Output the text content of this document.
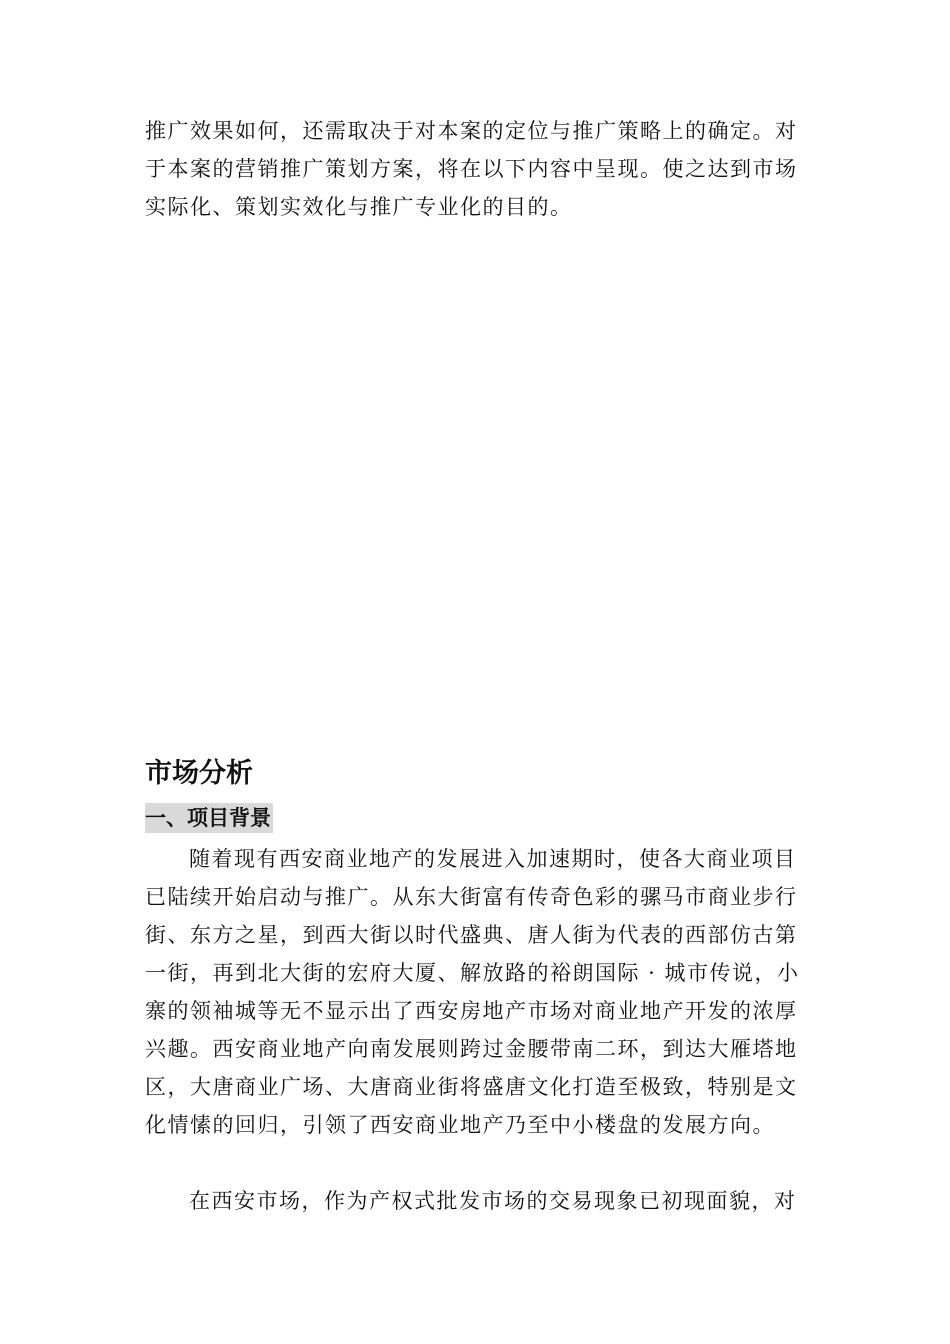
推广效果如何，还需取决于对本案的定位与推广策略上的确定。对
于本案的营销推广策划方案，将在以下内容中呈现。使之达到市场
实际化、策划实效化与推广专业化的目的。

市场分析
一、项目背景

随着现有西安商业地产的发展进入加速期时，使各大商业项目
已陆续开始启动与推广。从东大街富有传奇色彩的骡马市商业步行
街、东方之星，到西大街以时代盛典、唐人街为代表的西部仿古第
一街，再到北大街的宏府大厦、解放路的裕朗国际 · 城市传说，小
寨的领袖城等无不显示出了西安房地产市场对商业地产开发的浓厚
兴趣。西安商业地产向南发展则跨过金腰带南二环，到达大雁塔地
区，大唐商业广场、大唐商业街将盛唐文化打造至极致，特别是文
化情愫的回归，引领了西安商业地产乃至中小楼盘的发展方向。

在西安市场，作为产权式批发市场的交易现象已初现面貌，对
